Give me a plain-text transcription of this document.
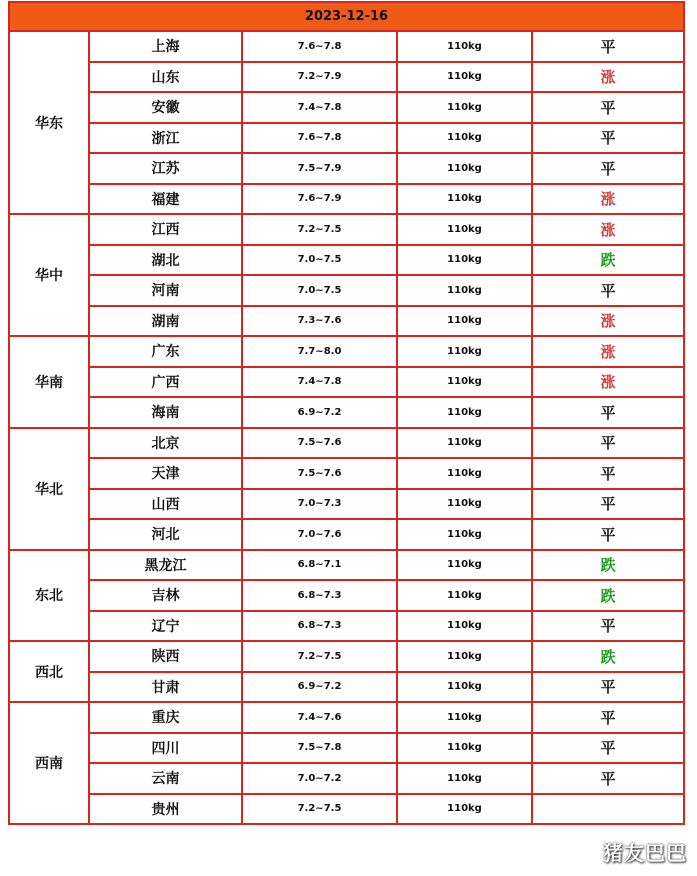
2023-12-16				
华东	上海	7.6~7.8	110kg	平
	山东	7.2~7.9	110kg	涨
	安徽	7.4~7.8	110kg	平
	浙江	7.6~7.8	110kg	平
	江苏	7.5~7.9	110kg	平
	福建	7.6~7.9	110kg	涨
华中	江西	7.2~7.5	110kg	涨
	湖北	7.0~7.5	110kg	跌
	河南	7.0~7.5	110kg	平
	湖南	7.3~7.6	110kg	涨
华南	广东	7.7~8.0	110kg	涨
	广西	7.4~7.8	110kg	涨
	海南	6.9~7.2	110kg	平
华北	北京	7.5~7.6	110kg	平
	天津	7.5~7.6	110kg	平
	山西	7.0~7.3	110kg	平
	河北	7.0~7.6	110kg	平
东北	黑龙江	6.8~7.1	110kg	跌
	吉林	6.8~7.3	110kg	跌
	辽宁	6.8~7.3	110kg	平
西北	陕西	7.2~7.5	110kg	跌
	甘肃	6.9~7.2	110kg	平
西南	重庆	7.4~7.6	110kg	平
	四川	7.5~7.8	110kg	平
	云南	7.0~7.2	110kg	平
	贵州	7.2~7.5	110kg	
猪友巴巴
